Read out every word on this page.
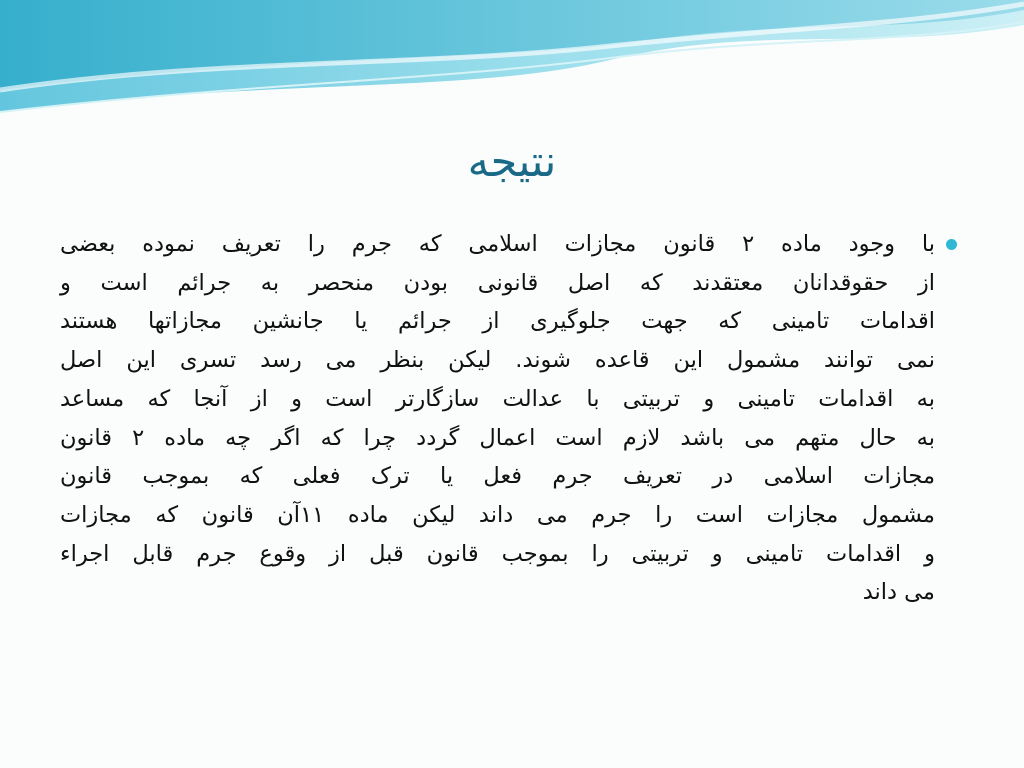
نتیجه
با وجود ماده ۲ قانون مجازات اسلامی که جرم را تعریف نموده بعضی
از حقوقدانان معتقدند که اصل قانونی بودن منحصر به جرائم است و
اقدامات تامینی که جهت جلوگیری از جرائم یا جانشین مجازاتها هستند
نمی توانند مشمول این قاعده شوند. لیکن بنظر می رسد تسری این اصل
به اقدامات تامینی و تربیتی با عدالت سازگارتر است و از آنجا که مساعد
به حال متهم می باشد لازم است اعمال گردد چرا که اگر چه ماده ۲ قانون
مجازات اسلامی در تعریف جرم فعل یا ترک فعلی که بموجب قانون
مشمول مجازات است را جرم می داند لیکن ماده ۱۱آن قانون که مجازات
و اقدامات تامینی و تربیتی را بموجب قانون قبل از وقوع جرم قابل اجراء
می داند
